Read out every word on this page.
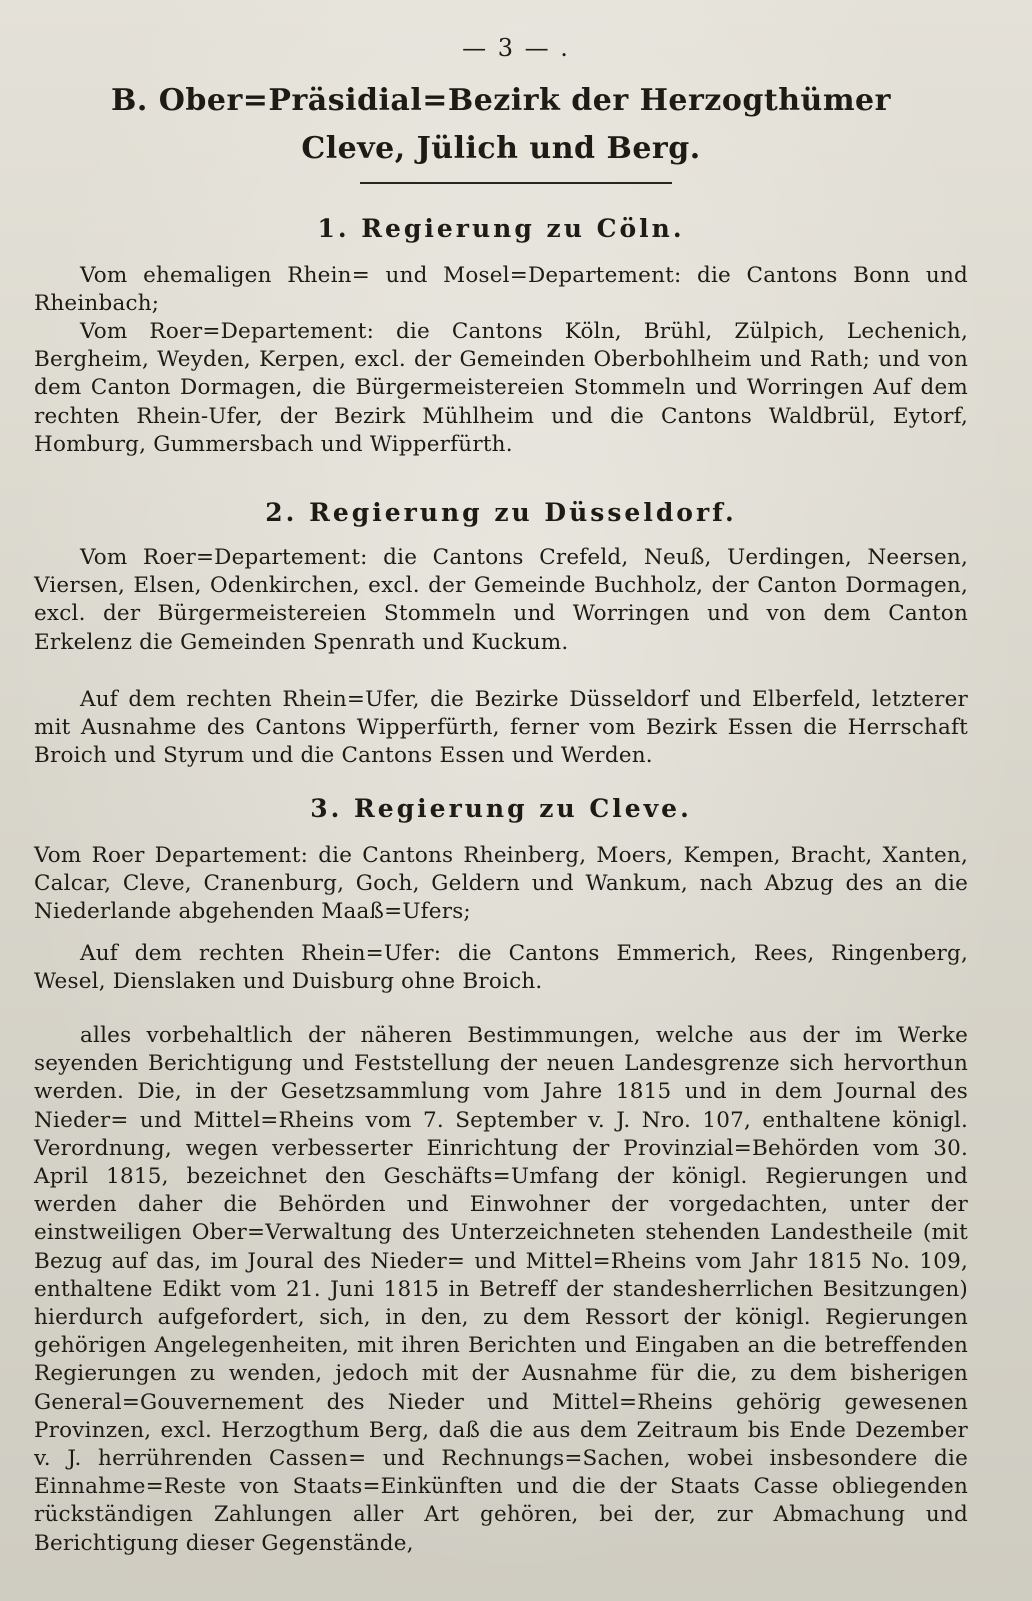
— 3 — .
B. Ober=Präsidial=Bezirk der Herzogthümer
Cleve, Jülich und Berg.
1. Regierung zu Cöln.
Vom ehemaligen Rhein= und Mosel=Departement: die Cantons Bonn und Rheinbach;
Vom Roer=Departement: die Cantons Köln, Brühl, Zülpich, Lechenich, Bergheim, Weyden, Kerpen, excl. der Gemeinden Oberbohlheim und Rath; und von dem Canton Dormagen, die Bürgermeistereien Stommeln und Worringen Auf dem rechten Rhein-Ufer, der Bezirk Mühlheim und die Cantons Waldbrül, Eytorf, Homburg, Gummersbach und Wipperfürth.
2. Regierung zu Düsseldorf.
Vom Roer=Departement: die Cantons Crefeld, Neuß, Uerdingen, Neersen, Viersen, Elsen, Odenkirchen, excl. der Gemeinde Buchholz, der Canton Dormagen, excl. der Bürgermeistereien Stommeln und Worringen und von dem Canton Erkelenz die Gemeinden Spenrath und Kuckum.
Auf dem rechten Rhein=Ufer, die Bezirke Düsseldorf und Elberfeld, letzterer mit Ausnahme des Cantons Wipperfürth, ferner vom Bezirk Essen die Herrschaft Broich und Styrum und die Cantons Essen und Werden.
3. Regierung zu Cleve.
Vom Roer Departement: die Cantons Rheinberg, Moers, Kempen, Bracht, Xanten, Calcar, Cleve, Cranenburg, Goch, Geldern und Wankum, nach Abzug des an die Niederlande abgehenden Maaß=Ufers;
Auf dem rechten Rhein=Ufer: die Cantons Emmerich, Rees, Ringenberg, Wesel, Dienslaken und Duisburg ohne Broich.
alles vorbehaltlich der näheren Bestimmungen, welche aus der im Werke seyenden Berichtigung und Feststellung der neuen Landesgrenze sich hervorthun werden. Die, in der Gesetzsammlung vom Jahre 1815 und in dem Journal des Nieder= und Mittel=Rheins vom 7. September v. J. Nro. 107, enthaltene königl. Verordnung, wegen verbesserter Einrichtung der Provinzial=Behörden vom 30. April 1815, bezeichnet den Geschäfts=Umfang der königl. Regierungen und werden daher die Behörden und Einwohner der vorgedachten, unter der einstweiligen Ober=Verwaltung des Unterzeichneten stehenden Landestheile (mit Bezug auf das, im Joural des Nieder= und Mittel=Rheins vom Jahr 1815 No. 109, enthaltene Edikt vom 21. Juni 1815 in Betreff der standesherrlichen Besitzungen) hierdurch aufgefordert, sich, in den, zu dem Ressort der königl. Regierungen gehörigen Angelegenheiten, mit ihren Berichten und Eingaben an die betreffenden Regierungen zu wenden, jedoch mit der Ausnahme für die, zu dem bisherigen General=Gouvernement des Nieder und Mittel=Rheins gehörig gewesenen Provinzen, excl. Herzogthum Berg, daß die aus dem Zeitraum bis Ende Dezember v. J. herrührenden Cassen= und Rechnungs=Sachen, wobei insbesondere die Einnahme=Reste von Staats=Einkünften und die der Staats Casse obliegenden rückständigen Zahlungen aller Art gehören, bei der, zur Abmachung und Berichtigung dieser Gegenstände,
